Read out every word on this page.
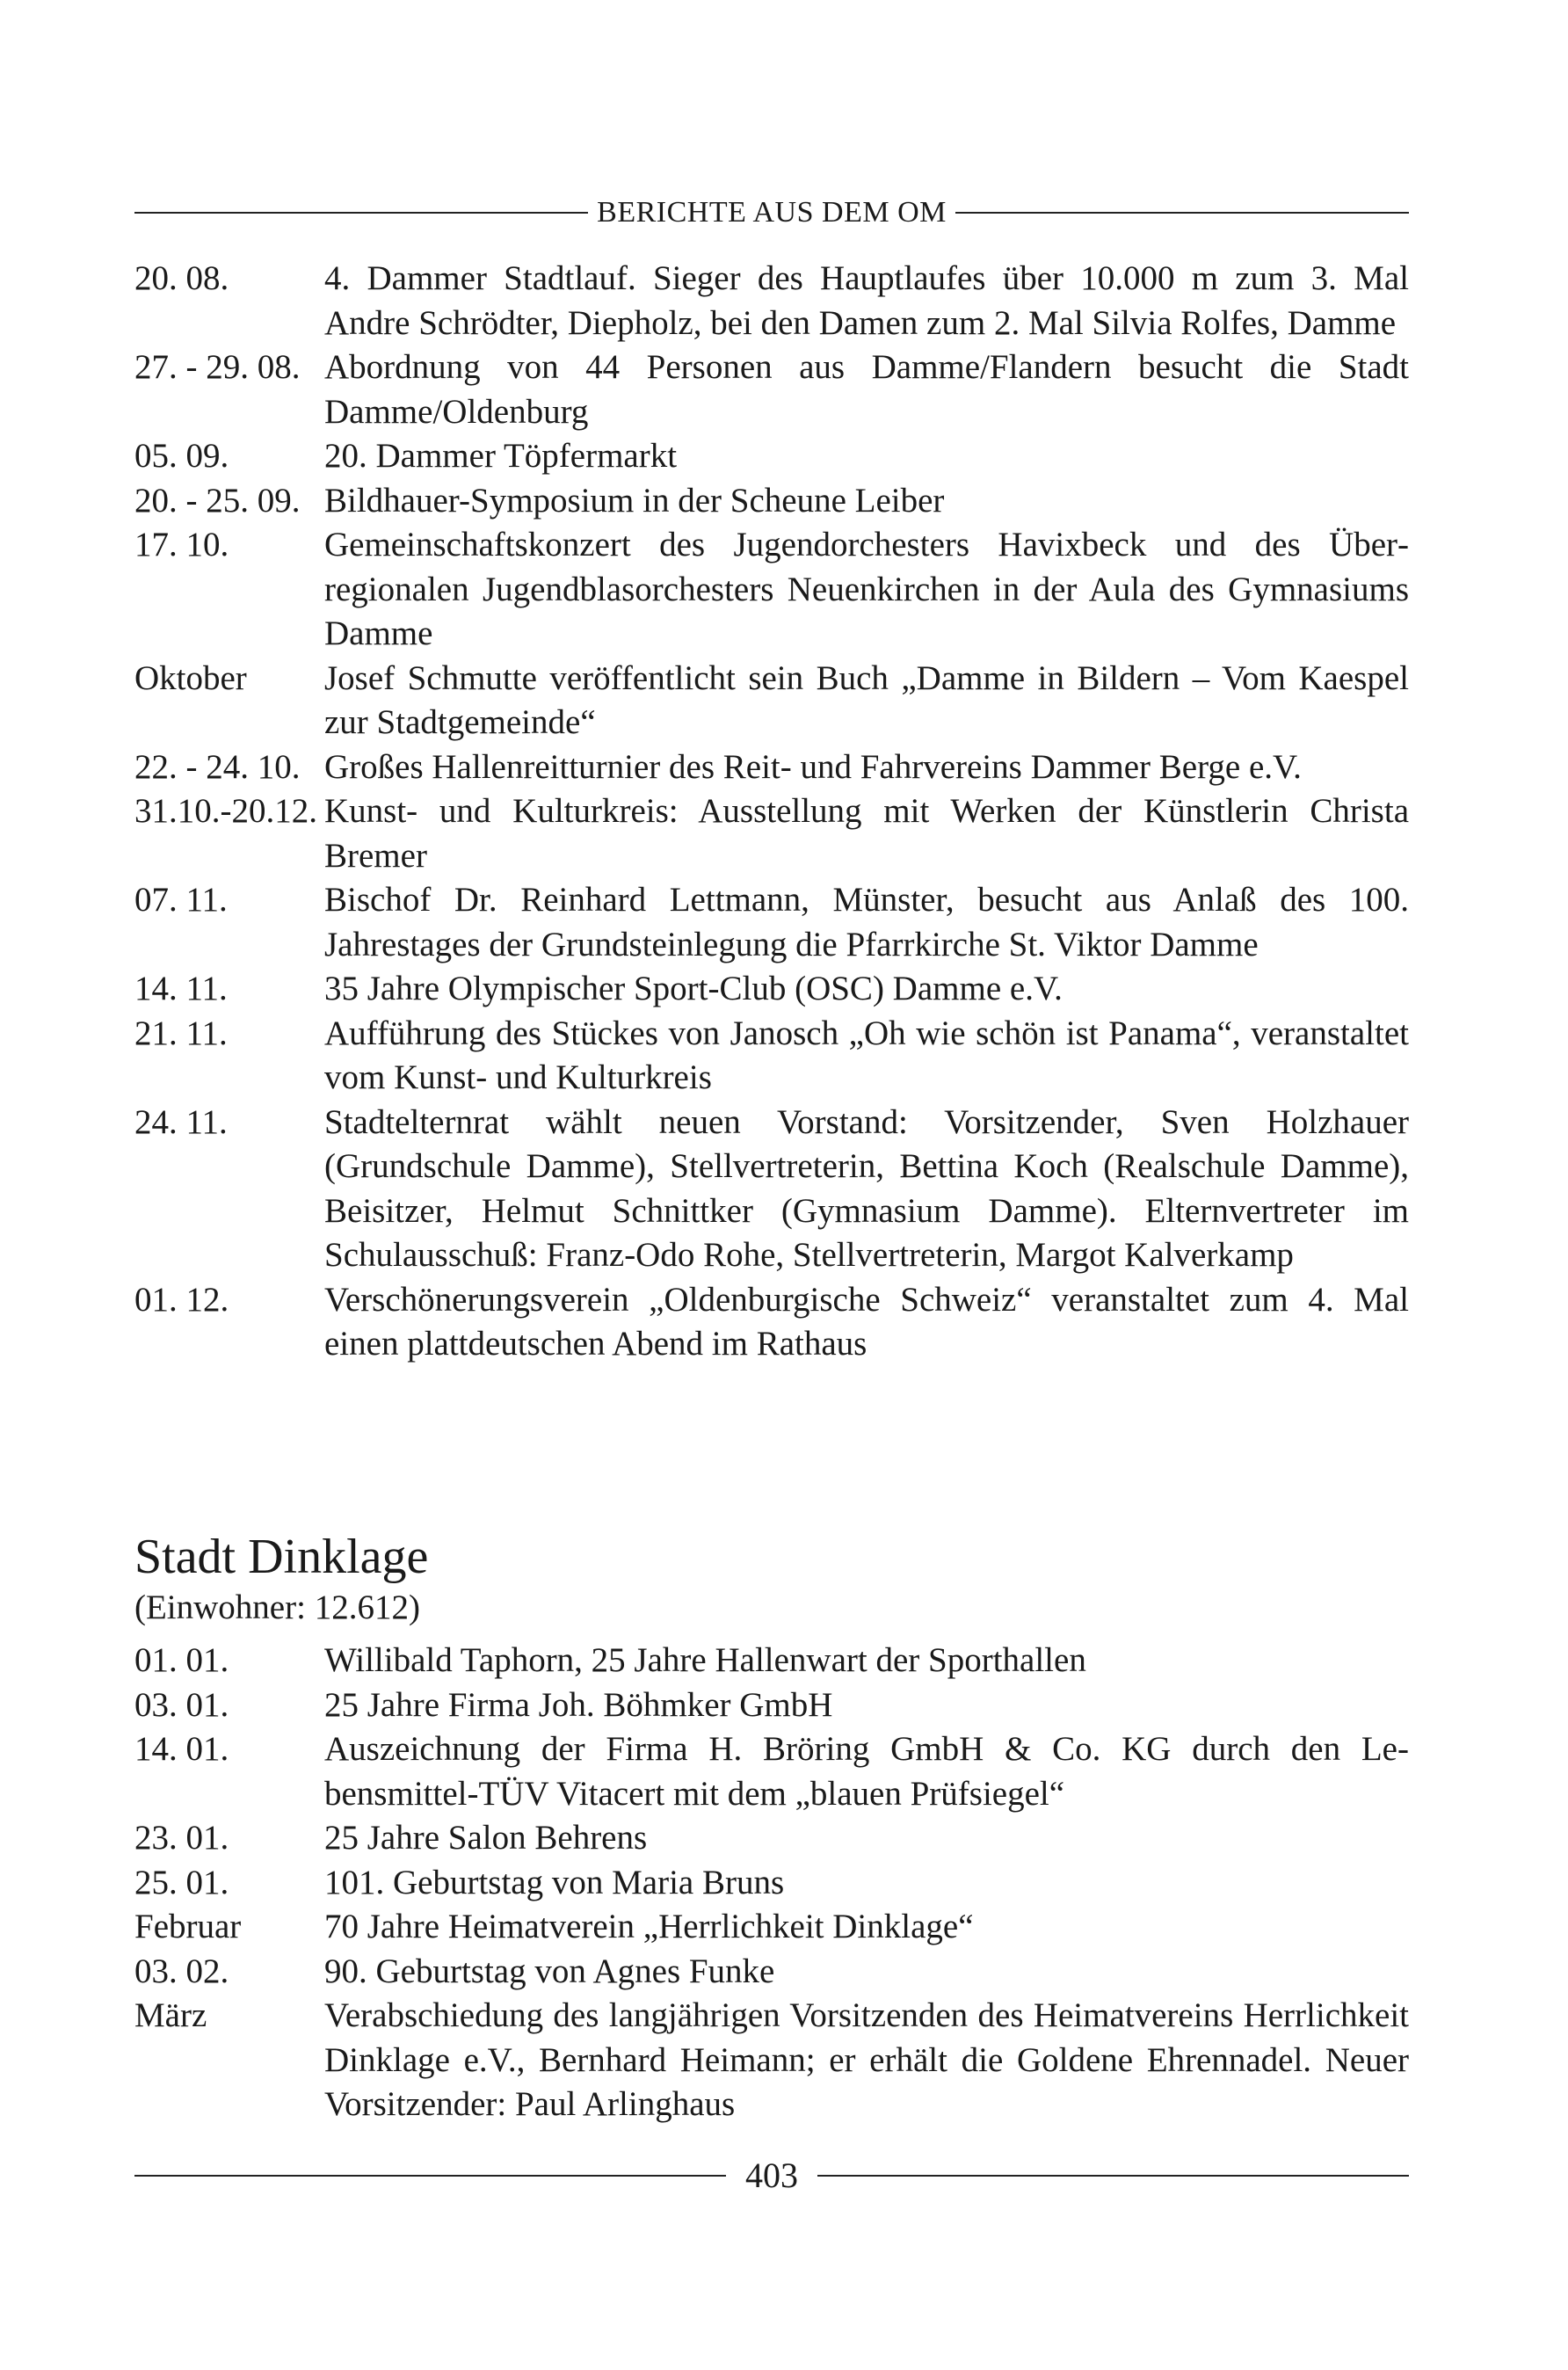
BERICHTE AUS DEM OM
20. 08.	4. Dammer Stadtlauf. Sieger des Hauptlaufes über 10.000 m zum 3. Mal Andre Schrödter, Diepholz, bei den Damen zum 2. Mal Silvia Rolfes, Damme
27. - 29. 08. Abordnung von 44 Personen aus Damme/Flandern besucht die Stadt Damme/Oldenburg
05. 09.	20. Dammer Töpfermarkt
20. - 25. 09. Bildhauer-Symposium in der Scheune Leiber
17. 10.	Gemeinschaftskonzert des Jugendorchesters Havixbeck und des Überregionalen Jugendblasorchesters Neuenkirchen in der Aula des Gymnasiums Damme
Oktober	Josef Schmutte veröffentlicht sein Buch „Damme in Bildern – Vom Kaespel zur Stadtgemeinde“
22. - 24. 10. Großes Hallenreitturnier des Reit- und Fahrvereins Dammer Berge e.V.
31.10.-20.12. Kunst- und Kulturkreis: Ausstellung mit Werken der Künstlerin Christa Bremer
07. 11.	Bischof Dr. Reinhard Lettmann, Münster, besucht aus Anlaß des 100. Jahrestages der Grundsteinlegung die Pfarrkirche St. Viktor Damme
14. 11.	35 Jahre Olympischer Sport-Club (OSC) Damme e.V.
21. 11.	Aufführung des Stückes von Janosch „Oh wie schön ist Panama“, veranstaltet vom Kunst- und Kulturkreis
24. 11.	Stadtelternrat wählt neuen Vorstand: Vorsitzender, Sven Holzhauer (Grundschule Damme), Stellvertreterin, Bettina Koch (Realschule Damme), Beisitzer, Helmut Schnittker (Gymnasium Damme). Elternvertreter im Schulausschuß: Franz-Odo Rohe, Stellvertreterin, Margot Kalverkamp
01. 12.	Verschönerungsverein „Oldenburgische Schweiz“ veranstaltet zum 4. Mal einen plattdeutschen Abend im Rathaus
Stadt Dinklage
(Einwohner: 12.612)
01. 01.	Willibald Taphorn, 25 Jahre Hallenwart der Sporthallen
03. 01.	25 Jahre Firma Joh. Böhmker GmbH
14. 01.	Auszeichnung der Firma H. Bröring GmbH & Co. KG durch den Lebensmittel-TÜV Vitacert mit dem „blauen Prüfsiegel“
23. 01.	25 Jahre Salon Behrens
25. 01.	101. Geburtstag von Maria Bruns
Februar	70 Jahre Heimatverein „Herrlichkeit Dinklage“
03. 02.	90. Geburtstag von Agnes Funke
März	Verabschiedung des langjährigen Vorsitzenden des Heimatvereins Herrlichkeit Dinklage e.V., Bernhard Heimann; er erhält die Goldene Ehrennadel. Neuer Vorsitzender: Paul Arlinghaus
403
